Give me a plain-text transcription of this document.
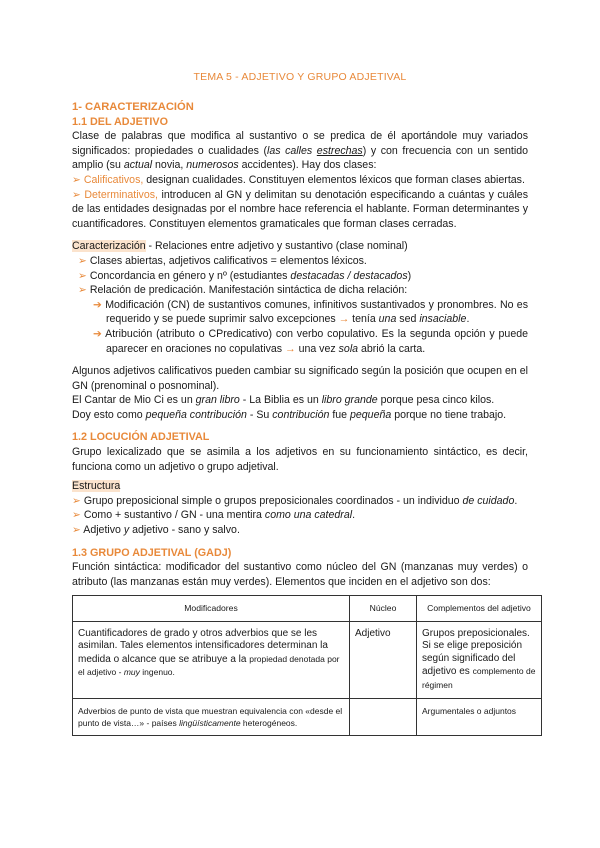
TEMA 5 - ADJETIVO Y GRUPO ADJETIVAL

1- CARACTERIZACIÓN

1.1 DEL ADJETIVO

Clase de palabras que modifica al sustantivo o se predica de él aportándole muy variados significados: propiedades o cualidades (las calles estrechas) y con frecuencia con un sentido amplio (su actual novia, numerosos accidentes). Hay dos clases:

➢ Calificativos, designan cualidades. Constituyen elementos léxicos que forman clases abiertas.

➢ Determinativos, introducen al GN y delimitan su denotación especificando a cuántas y cuáles de las entidades designadas por el nombre hace referencia el hablante. Forman determinantes y cuantificadores. Constituyen elementos gramaticales que forman clases cerradas.

Caracterización - Relaciones entre adjetivo y sustantivo (clase nominal)

➢ Clases abiertas, adjetivos calificativos = elementos léxicos.

➢ Concordancia en género y nº (estudiantes destacadas / destacados)

➢ Relación de predicación. Manifestación sintáctica de dicha relación:

➔ Modificación (CN) de sustantivos comunes, infinitivos sustantivados y pronombres. No es requerido y se puede suprimir salvo excepciones → tenía una sed insaciable.

➔ Atribución (atributo o CPredicativo) con verbo copulativo. Es la segunda opción y puede aparecer en oraciones no copulativas → una vez sola abrió la carta.

Algunos adjetivos calificativos pueden cambiar su significado según la posición que ocupen en el GN (prenominal o posnominal).

El Cantar de Mio Ci es un gran libro - La Biblia es un libro grande porque pesa cinco kilos.

Doy esto como pequeña contribución - Su contribución fue pequeña porque no tiene trabajo.

1.2 LOCUCIÓN ADJETIVAL

Grupo lexicalizado que se asimila a los adjetivos en su funcionamiento sintáctico, es decir, funciona como un adjetivo o grupo adjetival.

Estructura

➢ Grupo preposicional simple o grupos preposicionales coordinados - un individuo de cuidado.

➢ Como + sustantivo / GN - una mentira como una catedral.

➢ Adjetivo y adjetivo - sano y salvo.

1.3 GRUPO ADJETIVAL (GADJ)

Función sintáctica: modificador del sustantivo como núcleo del GN (manzanas muy verdes) o atributo (las manzanas están muy verdes). Elementos que inciden en el adjetivo son dos:

Modificadores	Núcleo	Complementos del adjetivo
Cuantificadores de grado y otros adverbios que se les asimilan. Tales elementos intensificadores determinan la medida o alcance que se atribuye a la propiedad denotada por el adjetivo - muy ingenuo.	Adjetivo	Grupos preposicionales. Si se elige preposición según significado del adjetivo es complemento de régimen
Adverbios de punto de vista que muestran equivalencia con «desde el punto de vista…» - países lingüísticamente heterogéneos.		Argumentales o adjuntos
